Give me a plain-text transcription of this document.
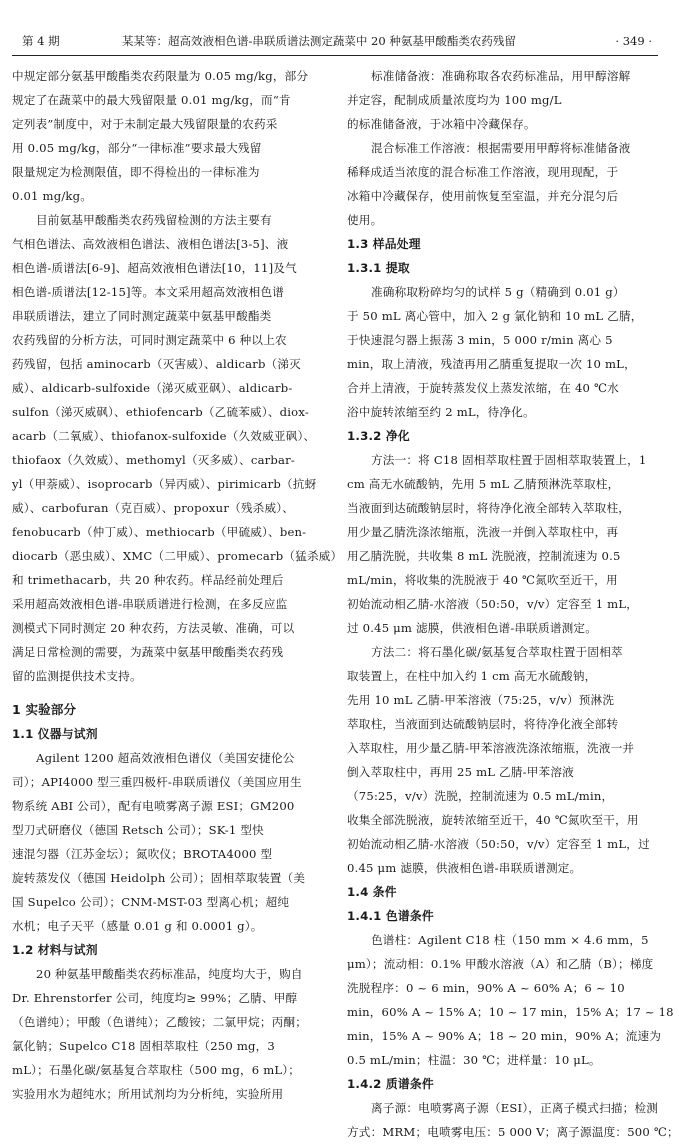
第 4 期	某某等：超高效液相色谱-串联质谱法测定蔬菜中 20 种氨基甲酸酯类农药残留	· 349 ·
中规定部分氨基甲酸酯类农药限量为 0.05 mg/kg，部分
规定了在蔬菜中的最大残留限量 0.01 mg/kg，而“肯
定列表”制度中，对于未制定最大残留限量的农药采
用 0.05 mg/kg，部分“一律标准”要求最大残留
限量规定为检测限值，即不得检出的一律标准为
0.01 mg/kg。
目前氨基甲酸酯类农药残留检测的方法主要有
气相色谱法、高效液相色谱法、液相色谱法[3-5]、液
相色谱-质谱法[6-9]、超高效液相色谱法[10，11]及气
相色谱-质谱法[12-15]等。本文采用超高效液相色谱
串联质谱法，建立了同时测定蔬菜中氨基甲酸酯类
农药残留的分析方法，可同时测定蔬菜中 6 种以上农
药残留，包括 aminocarb（灭害威）、aldicarb（涕灭
威）、aldicarb-sulfoxide（涕灭威亚砜）、aldicarb-
sulfon（涕灭威砜）、ethiofencarb（乙硫苯威）、diox-
acarb（二氧威）、thiofanox-sulfoxide（久效威亚砜）、
thiofaox（久效威）、methomyl（灭多威）、carbar-
yl（甲萘威）、isoprocarb（异丙威）、pirimicarb（抗蚜
威）、carbofuran（克百威）、propoxur（残杀威）、
fenobucarb（仲丁威）、methiocarb（甲硫威）、ben-
diocarb（恶虫威）、XMC（二甲威）、promecarb（猛杀威）
和 trimethacarb，共 20 种农药。样品经前处理后
采用超高效液相色谱-串联质谱进行检测，在多反应监
测模式下同时测定 20 种农药，方法灵敏、准确，可以
满足日常检测的需要，为蔬菜中氨基甲酸酯类农药残
留的监测提供技术支持。
1 实验部分
1.1 仪器与试剂
Agilent 1200 超高效液相色谱仪（美国安捷伦公
司）；API4000 型三重四极杆-串联质谱仪（美国应用生
物系统 ABI 公司），配有电喷雾离子源 ESI；GM200
型刀式研磨仪（德国 Retsch 公司）；SK-1 型快
速混匀器（江苏金坛）；氮吹仪；BROTA4000 型
旋转蒸发仪（德国 Heidolph 公司）；固相萃取装置（美
国 Supelco 公司）；CNM-MST-03 型离心机；超纯
水机；电子天平（感量 0.01 g 和 0.0001 g）。
1.2 材料与试剂
20 种氨基甲酸酯类农药标准品，纯度均大于，购自
Dr. Ehrenstorfer 公司，纯度均≥ 99%；乙腈、甲醇
（色谱纯）；甲酸（色谱纯）；乙酸铵；二氯甲烷；丙酮；
氯化钠；Supelco C18 固相萃取柱（250 mg，3
mL）；石墨化碳/氨基复合萃取柱（500 mg，6 mL）；
实验用水为超纯水；所用试剂均为分析纯，实验所用
标准储备液：准确称取各农药标准品，用甲醇溶解
并定容，配制成质量浓度均为 100 mg/L
的标准储备液，于冰箱中冷藏保存。
混合标准工作溶液：根据需要用甲醇将标准储备液
稀释成适当浓度的混合标准工作溶液，现用现配，于
冰箱中冷藏保存，使用前恢复至室温，并充分混匀后
使用。
1.3 样品处理
1.3.1 提取
准确称取粉碎均匀的试样 5 g（精确到 0.01 g）
于 50 mL 离心管中，加入 2 g 氯化钠和 10 mL 乙腈，
于快速混匀器上振荡 3 min，5 000 r/min 离心 5
min，取上清液，残渣再用乙腈重复提取一次 10 mL，
合并上清液，于旋转蒸发仪上蒸发浓缩，在 40 ℃水
浴中旋转浓缩至约 2 mL，待净化。
1.3.2 净化
方法一：将 C18 固相萃取柱置于固相萃取装置上，1
cm 高无水硫酸钠，先用 5 mL 乙腈预淋洗萃取柱，
当液面到达硫酸钠层时，将待净化液全部转入萃取柱，
用少量乙腈洗涤浓缩瓶，洗液一并倒入萃取柱中，再
用乙腈洗脱，共收集 8 mL 洗脱液，控制流速为 0.5
mL/min，将收集的洗脱液于 40 ℃氮吹至近干，用
初始流动相乙腈-水溶液（50:50，v/v）定容至 1 mL，
过 0.45 μm 滤膜，供液相色谱-串联质谱测定。
方法二：将石墨化碳/氨基复合萃取柱置于固相萃
取装置上，在柱中加入约 1 cm 高无水硫酸钠，
先用 10 mL 乙腈-甲苯溶液（75:25，v/v）预淋洗
萃取柱，当液面到达硫酸钠层时，将待净化液全部转
入萃取柱，用少量乙腈-甲苯溶液洗涤浓缩瓶，洗液一并
倒入萃取柱中，再用 25 mL 乙腈-甲苯溶液
（75:25，v/v）洗脱，控制流速为 0.5 mL/min，
收集全部洗脱液，旋转浓缩至近干，40 ℃氮吹至干，用
初始流动相乙腈-水溶液（50:50，v/v）定容至 1 mL，过
0.45 μm 滤膜，供液相色谱-串联质谱测定。
1.4 条件
1.4.1 色谱条件
色谱柱：Agilent C18 柱（150 mm × 4.6 mm，5
μm）；流动相：0.1% 甲酸水溶液（A）和乙腈（B）；梯度
洗脱程序：0 ~ 6 min，90% A ~ 60% A；6 ~ 10
min，60% A ~ 15% A；10 ~ 17 min，15% A；17 ~ 18
min，15% A ~ 90% A；18 ~ 20 min，90% A；流速为
0.5 mL/min；柱温：30 ℃；进样量：10 μL。
1.4.2 质谱条件
离子源：电喷雾离子源（ESI），正离子模式扫描；检测
方式：MRM；电喷雾电压：5 000 V；离子源温度：500 ℃；
